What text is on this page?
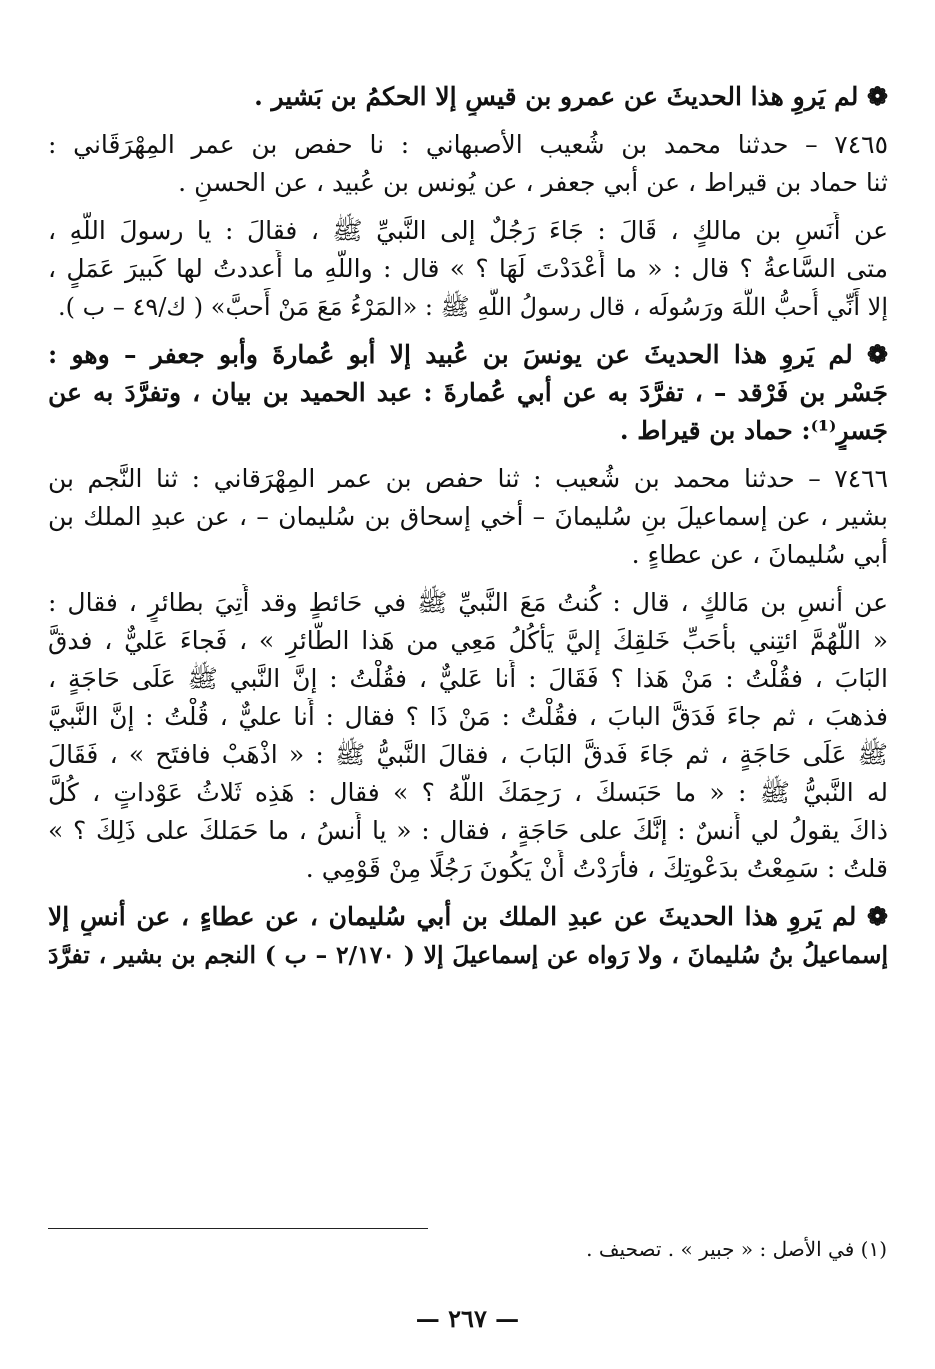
❁ لم يَروِ هذا الحديثَ عن عمرو بن قيسٍ إلا الحكمُ بن بَشير .
٧٤٦٥ – حدثنا محمد بن شُعيب الأصبهاني : نا حفص بن عمر المِهْرَقَاني :
ثنا حماد بن قيراط ، عن أبي جعفر ، عن يُونس بن عُبيد ، عن الحسنِ .
عن أَنَسِ بن مالكٍ ، قَالَ : جَاءَ رَجُلٌ إلى النَّبيِّ ﷺ ، فقالَ : يا رسولَ اللَّهِ ،
متى السَّاعةُ ؟ قال : « ما أَعْدَدْتَ لَهَا ؟ » قال : واللَّهِ ما أَعددتُ لها كَبيرَ عَمَلٍ ،
إلا أَنِّي أُحبُّ اللَّهَ ورَسُولَه ، قال رسولُ اللَّهِ ﷺ : «المَرْءُ مَعَ مَنْ أَحبَّ» ( ك/٤٩ – ب ).
❁ لم يَروِ هذا الحديثَ عن يونسَ بن عُبيد إلا أبو عُمارةَ وأبو جعفر – وهو :
جَسْر بن فَرْقد – ، تفرَّدَ به عن أبي عُمارةَ : عبد الحميد بن بيان ، وتفرَّدَ به عن
جَسرٍ⁽¹⁾: حماد بن قيراط .
٧٤٦٦ – حدثنا محمد بن شُعيب : ثنا حفص بن عمر المِهْرَقاني : ثنا النَّجم بن
بشير ، عن إسماعيلَ بنِ سُليمانَ – أخي إسحاق بن سُليمان – ، عن عبدِ الملك بن
أبي سُليمانَ ، عن عطاءٍ .
عن أنسِ بن مَالكٍ ، قال : كُنتُ مَعَ النَّبيِّ ﷺ في حَائطٍ وقد أُتِيَ بطائرٍ ، فقال :
« اللَّهُمَّ ائتِني بأحَبِّ خَلقِكَ إليَّ يَأْكُلُ مَعِي من هَذا الطَّائرِ » ، فَجاءَ عَليٌّ ، فدقَّ
البَابَ ، فقُلْتُ : مَنْ هَذا ؟ فَقَالَ : أَنا عَليٌّ ، فقُلْتُ : إنَّ النَّبي ﷺ عَلَى حَاجَةٍ ،
فذهبَ ، ثم جاءَ فَدَقَّ البابَ ، فقُلْتُ : مَنْ ذَا ؟ فقال : أَنا عليٌّ ، قُلْتُ : إنَّ النَّبيَّ
ﷺ عَلَى حَاجَةٍ ، ثم جَاءَ فَدقَّ البَابَ ، فقالَ النَّبيُّ ﷺ : « اذْهَبْ فافتَح » ، فَقَالَ
له النَّبيُّ ﷺ : « ما حَبَسكَ ، رَحِمَكَ اللَّهُ ؟ » فقال : هَذِه ثَلاثُ عَوْداتٍ ، كُلَّ
ذاكَ يقولُ لي أَنسٌ : إنَّكَ على حَاجَةٍ ، فقال : « يا أَنسُ ، ما حَمَلكَ على ذَلِكَ ؟ »
قلتُ : سَمِعْتُ بدَعْوتِكَ ، فأَرَدْتُ أَنْ يَكُونَ رَجُلًا مِنْ قَوْمِي .
❁ لم يَروِ هذا الحديثَ عن عبدِ الملك بن أبي سُليمان ، عن عطاءٍ ، عن أنسٍ إلا
إسماعيلُ بنُ سُليمانَ ، ولا رَواه عن إسماعيلَ إلا ( ٢/١٧٠ – ب ) النجم بن بشير ، تفرَّدَ
(١) في الأصل : « جبير » . تصحيف .
— ٢٦٧ —
